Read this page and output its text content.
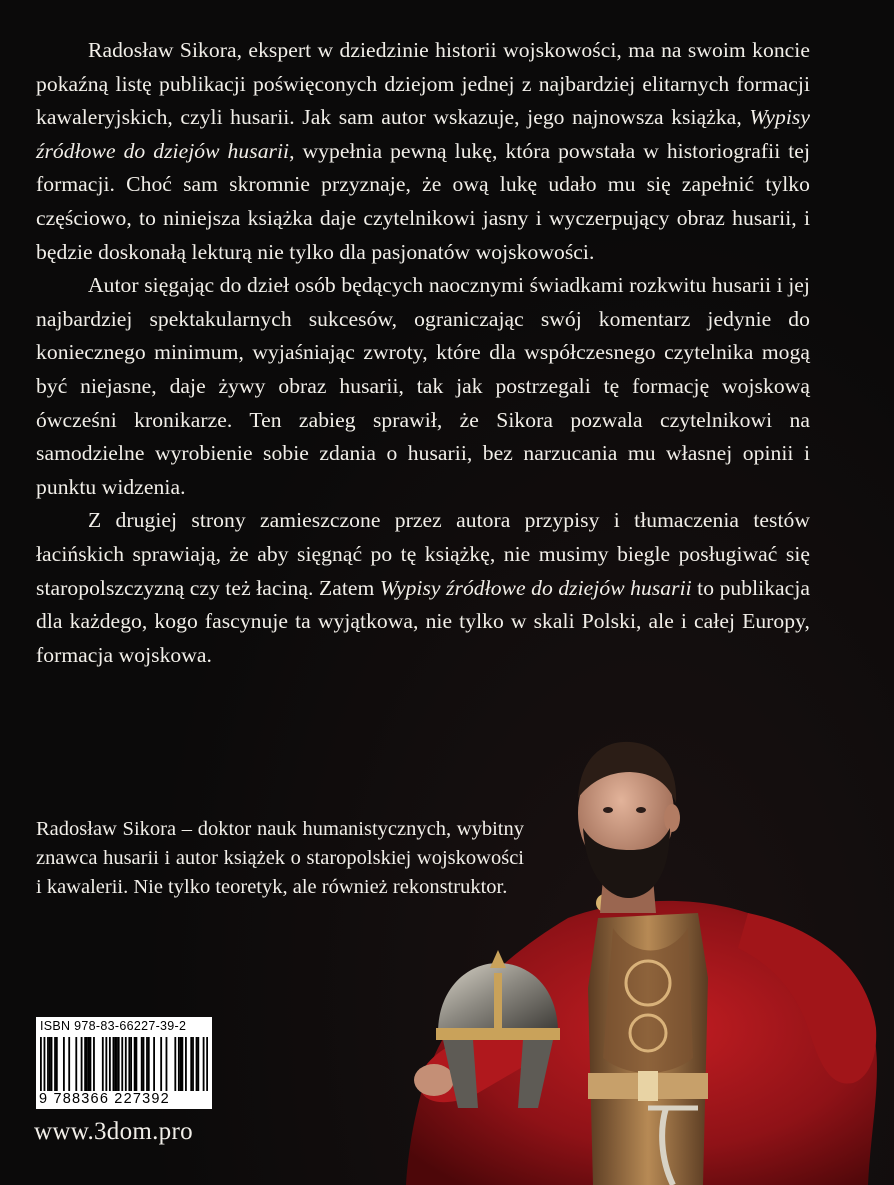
Radosław Sikora, ekspert w dziedzinie historii wojskowości, ma na swoim koncie pokaźną listę publikacji poświęconych dziejom jednej z najbardziej elitarnych formacji kawaleryjskich, czyli husarii. Jak sam autor wskazuje, jego najnowsza książka, Wypisy źródłowe do dziejów husarii, wypełnia pewną lukę, która powstała w historiografii tej formacji. Choć sam skromnie przyznaje, że ową lukę udało mu się zapełnić tylko częściowo, to niniejsza książka daje czytelnikowi jasny i wyczerpujący obraz husarii, i będzie doskonałą lekturą nie tylko dla pasjonatów wojskowości.

Autor sięgając do dzieł osób będących naocznymi świadkami rozkwitu husarii i jej najbardziej spektakularnych sukcesów, ograniczając swój komentarz jedynie do koniecznego minimum, wyjaśniając zwroty, które dla współczesnego czytelnika mogą być niejasne, daje żywy obraz husarii, tak jak postrzegali tę formację wojskową ówcześni kronikarze. Ten zabieg sprawił, że Sikora pozwala czytelnikowi na samodzielne wyrobienie sobie zdania o husarii, bez narzucania mu własnej opinii i punktu widzenia.

Z drugiej strony zamieszczone przez autora przypisy i tłumaczenia testów łacińskich sprawiają, że aby sięgnąć po tę książkę, nie musimy biegle posługiwać się staropolszczyzną czy też łaciną. Zatem Wypisy źródłowe do dziejów husarii to publikacja dla każdego, kogo fascynuje ta wyjątkowa, nie tylko w skali Polski, ale i całej Europy, formacja wojskowa.

Radosław Sikora – doktor nauk humanistycznych, wybitny znawca husarii i autor książek o staropolskiej wojskowości i kawalerii. Nie tylko teoretyk, ale również rekonstruktor.

ISBN 978-83-66227-39-2
9 788366 227392
www.3dom.pro
